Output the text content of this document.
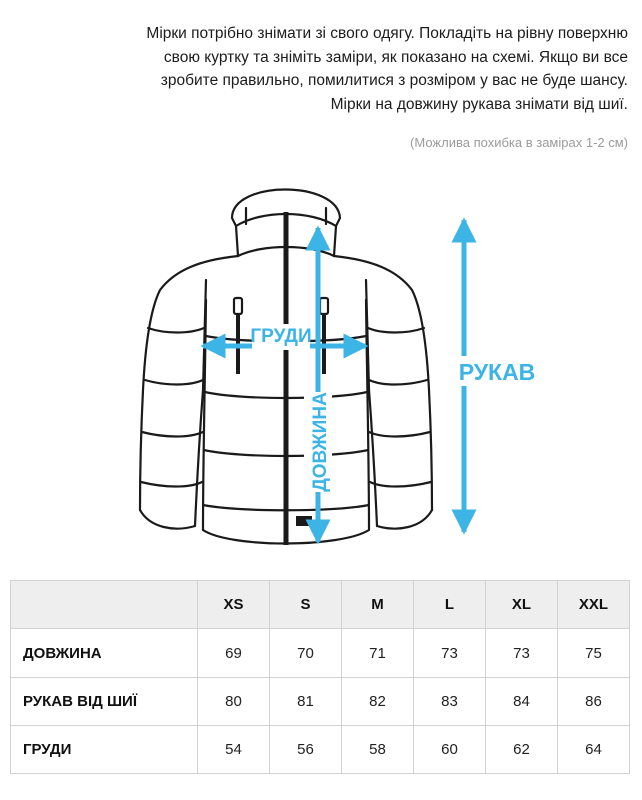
Мірки потрібно знімати зі свого одягу. Покладіть на рівну поверхню
свою куртку та зніміть заміри, як показано на схемі. Якщо ви все
зробите правильно, помилитися з розміром у вас не буде шансу.
Мірки на довжину рукава знімати від шиї.
(Можлива похибка в замірах 1-2 см)
ГРУДИ
ДОВЖИНА
РУКАВ
	XS	S	M	L	XL	XXL
ДОВЖИНА	69	70	71	73	73	75
РУКАВ ВІД ШИЇ	80	81	82	83	84	86
ГРУДИ	54	56	58	60	62	64
